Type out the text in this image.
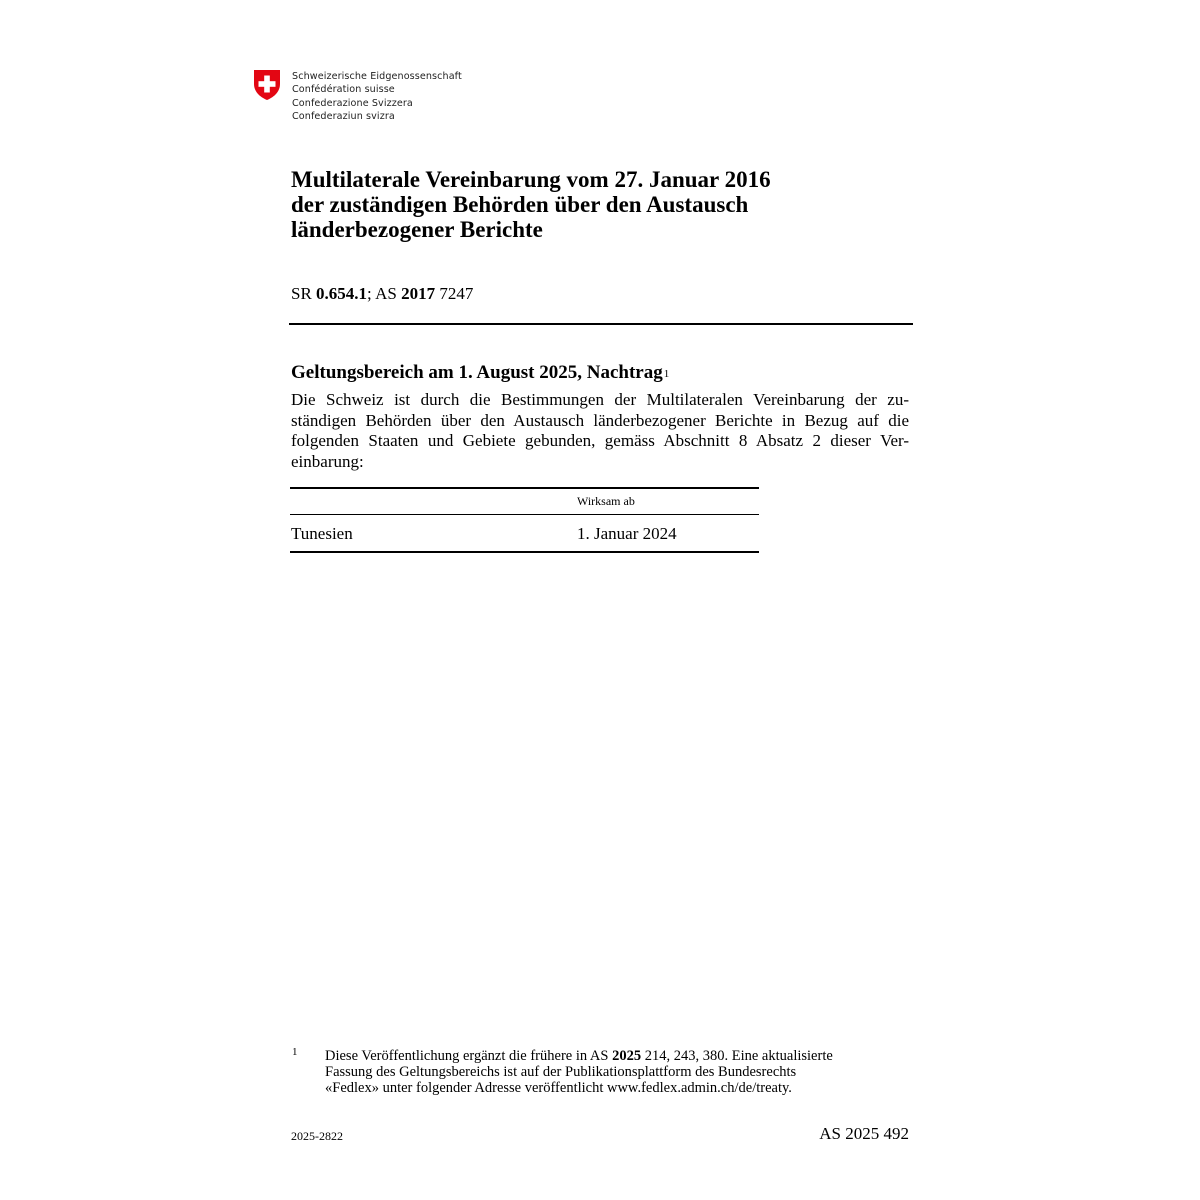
Schweizerische Eidgenossenschaft
Confédération suisse
Confederazione Svizzera
Confederaziun svizra
Multilaterale Vereinbarung vom 27. Januar 2016
der zuständigen Behörden über den Austausch
länderbezogener Berichte
SR 0.654.1; AS 2017 7247
Geltungsbereich am 1. August 2025, Nachtrag$^1$
Die Schweiz ist durch die Bestimmungen der Multilateralen Vereinbarung der zu-
ständigen Behörden über den Austausch länderbezogener Berichte in Bezug auf die
folgenden Staaten und Gebiete gebunden, gemäss Abschnitt 8 Absatz 2 dieser Ver-
einbarung:
Wirksam ab
Tunesien	1. Januar 2024
1 Diese Veröffentlichung ergänzt die frühere in AS 2025 214, 243, 380. Eine aktualisierte
Fassung des Geltungsbereichs ist auf der Publikationsplattform des Bundesrechts
«Fedlex» unter folgender Adresse veröffentlicht www.fedlex.admin.ch/de/treaty.
2025-2822	AS 2025 492
